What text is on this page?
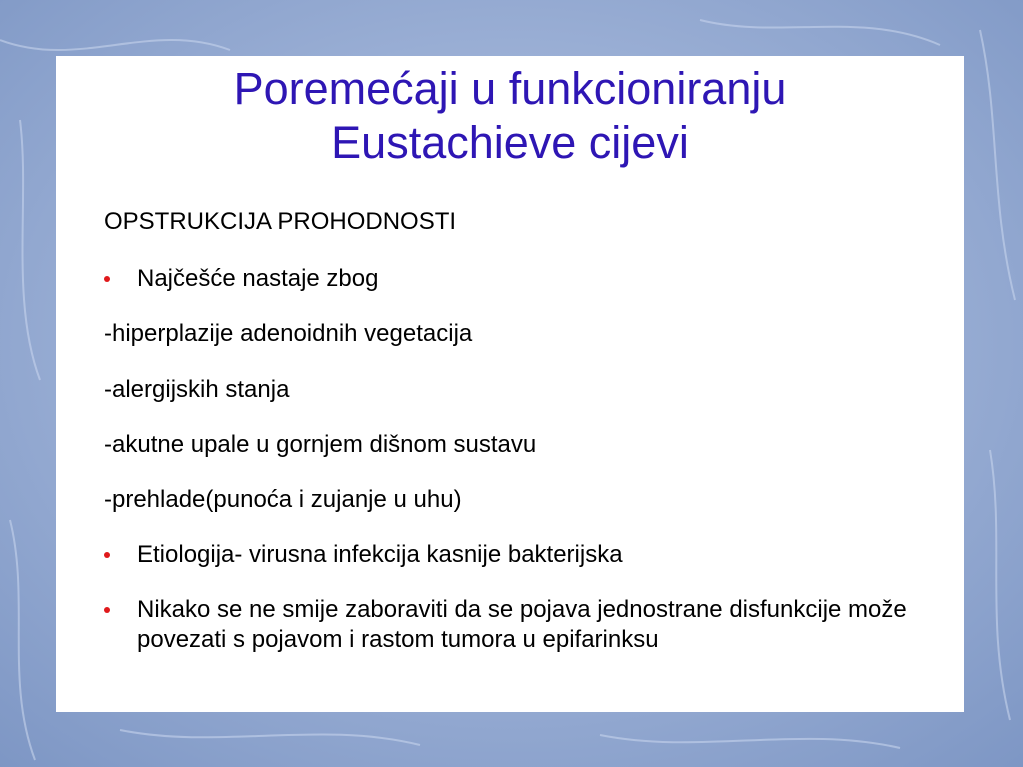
Poremećaji u funkcioniranju
Eustachieve cijevi
OPSTRUKCIJA PROHODNOSTI
Najčešće nastaje zbog
-hiperplazije adenoidnih vegetacija
-alergijskih stanja
-akutne upale u gornjem dišnom sustavu
-prehlade(punoća i zujanje u uhu)
Etiologija- virusna infekcija kasnije bakterijska
Nikako se ne smije zaboraviti da se pojava jednostrane disfunkcije može povezati s pojavom i rastom tumora u epifarinksu
